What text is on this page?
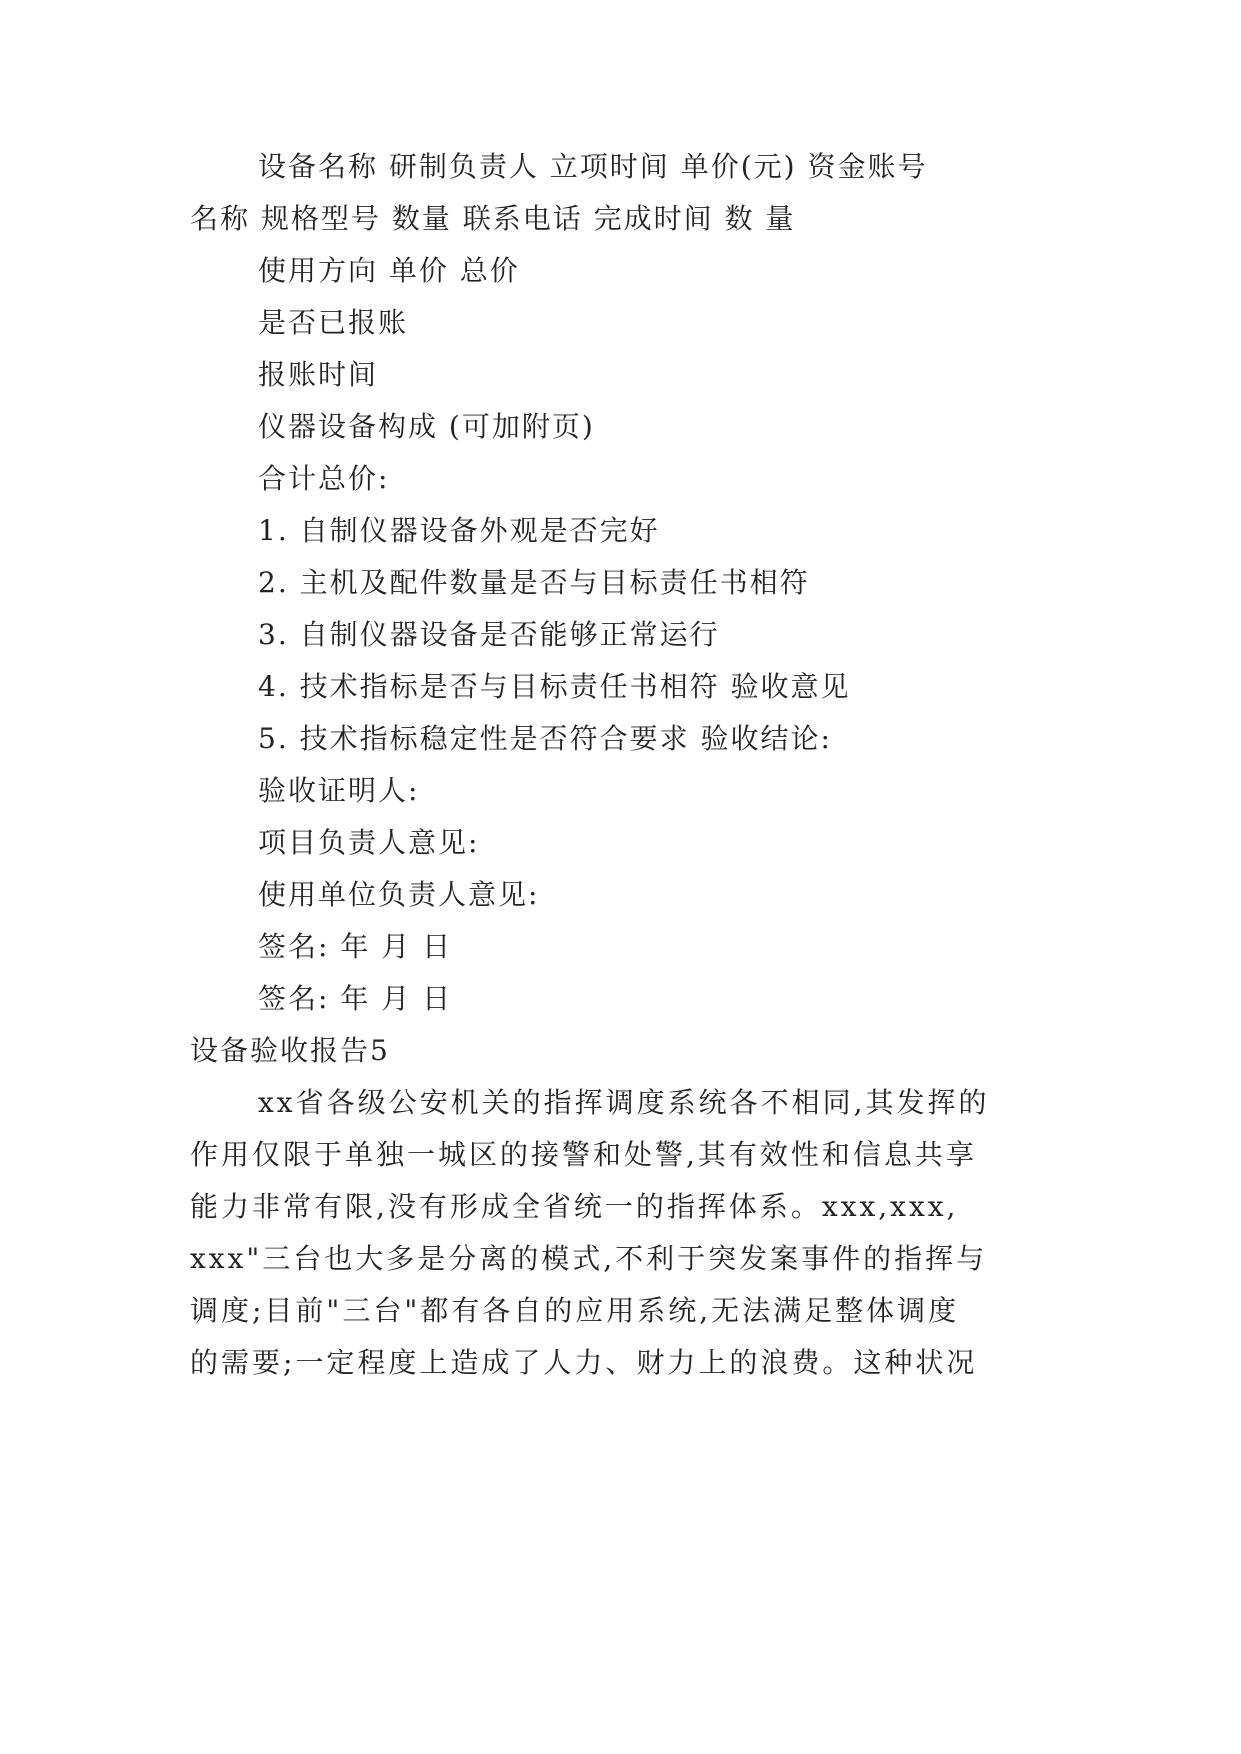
设备名称 研制负责人 立项时间 单价(元) 资金账号
名称 规格型号 数量 联系电话 完成时间 数 量
使用方向 单价 总价
是否已报账
报账时间
仪器设备构成 (可加附页)
合计总价:
1. 自制仪器设备外观是否完好
2. 主机及配件数量是否与目标责任书相符
3. 自制仪器设备是否能够正常运行
4. 技术指标是否与目标责任书相符 验收意见
5. 技术指标稳定性是否符合要求 验收结论:
验收证明人:
项目负责人意见:
使用单位负责人意见:
签名: 年 月 日
签名: 年 月 日
设备验收报告5
xx省各级公安机关的指挥调度系统各不相同,其发挥的
作用仅限于单独一城区的接警和处警,其有效性和信息共享
能力非常有限,没有形成全省统一的指挥体系。xxx,xxx,
xxx"三台也大多是分离的模式,不利于突发案事件的指挥与
调度;目前"三台"都有各自的应用系统,无法满足整体调度
的需要;一定程度上造成了人力、财力上的浪费。这种状况
